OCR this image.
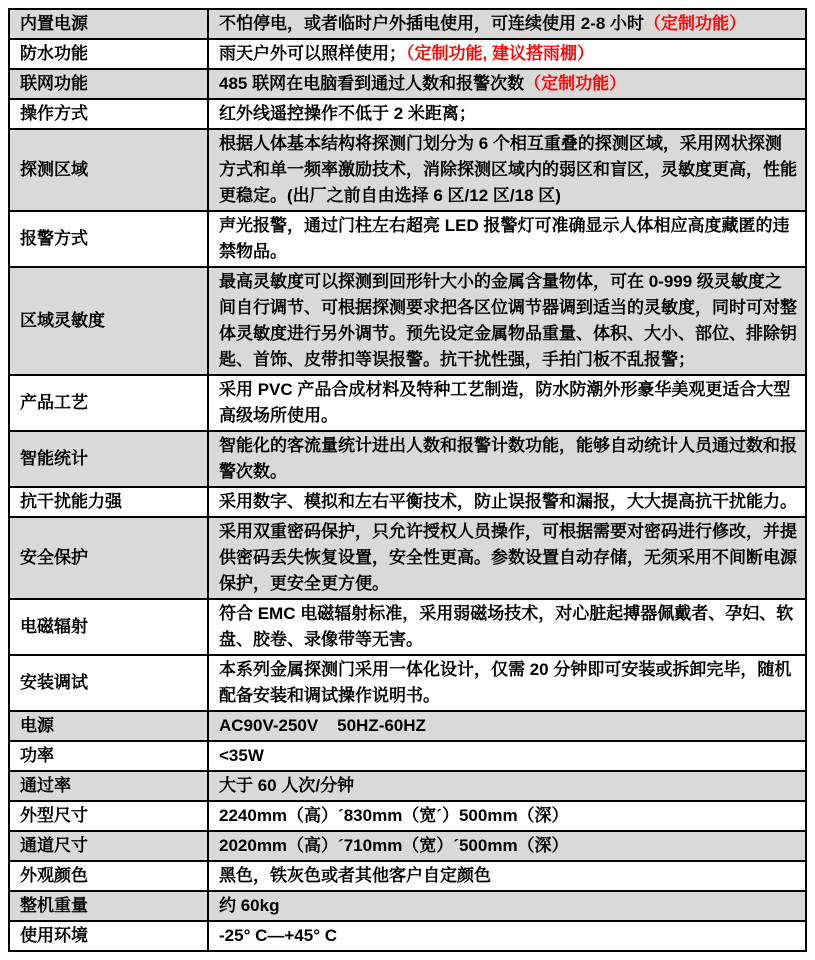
内置电源	不怕停电，或者临时户外插电使用，可连续使用 2-8 小时（定制功能）
防水功能	雨天户外可以照样使用；（定制功能, 建议搭雨棚）
联网功能	485 联网在电脑看到通过人数和报警次数（定制功能）
操作方式	红外线遥控操作不低于 2 米距离；
探测区域	根据人体基本结构将探测门划分为 6 个相互重叠的探测区域，采用网状探测方式和单一频率激励技术，消除探测区域内的弱区和盲区，灵敏度更高，性能更稳定。(出厂之前自由选择 6 区/12 区/18 区)
报警方式	声光报警，通过门柱左右超亮 LED 报警灯可准确显示人体相应高度藏匿的违禁物品。
区域灵敏度	最高灵敏度可以探测到回形针大小的金属含量物体，可在 0-999 级灵敏度之间自行调节、可根据探测要求把各区位调节器调到适当的灵敏度，同时可对整体灵敏度进行另外调节。预先设定金属物品重量、体积、大小、部位、排除钥匙、首饰、皮带扣等误报警。抗干扰性强，手拍门板不乱报警；
产品工艺	采用 PVC 产品合成材料及特种工艺制造，防水防潮外形豪华美观更适合大型高级场所使用。
智能统计	智能化的客流量统计进出人数和报警计数功能，能够自动统计人员通过数和报警次数。
抗干扰能力强	采用数字、模拟和左右平衡技术，防止误报警和漏报，大大提高抗干扰能力。
安全保护	采用双重密码保护，只允许授权人员操作，可根据需要对密码进行修改，并提供密码丢失恢复设置，安全性更高。参数设置自动存储，无须采用不间断电源保护，更安全更方便。
电磁辐射	符合 EMC 电磁辐射标准，采用弱磁场技术，对心脏起搏器佩戴者、孕妇、软盘、胶卷、录像带等无害。
安装调试	本系列金属探测门采用一体化设计，仅需 20 分钟即可安装或拆卸完毕，随机配备安装和调试操作说明书。
电源	AC90V-250V    50HZ-60HZ
功率	<35W
通过率	大于 60 人次/分钟
外型尺寸	2240mm（高）´830mm（宽´）500mm（深）
通道尺寸	2020mm（高）´710mm（宽）´500mm（深）
外观颜色	黑色，铁灰色或者其他客户自定颜色
整机重量	约 60kg
使用环境	-25° C—+45° C
